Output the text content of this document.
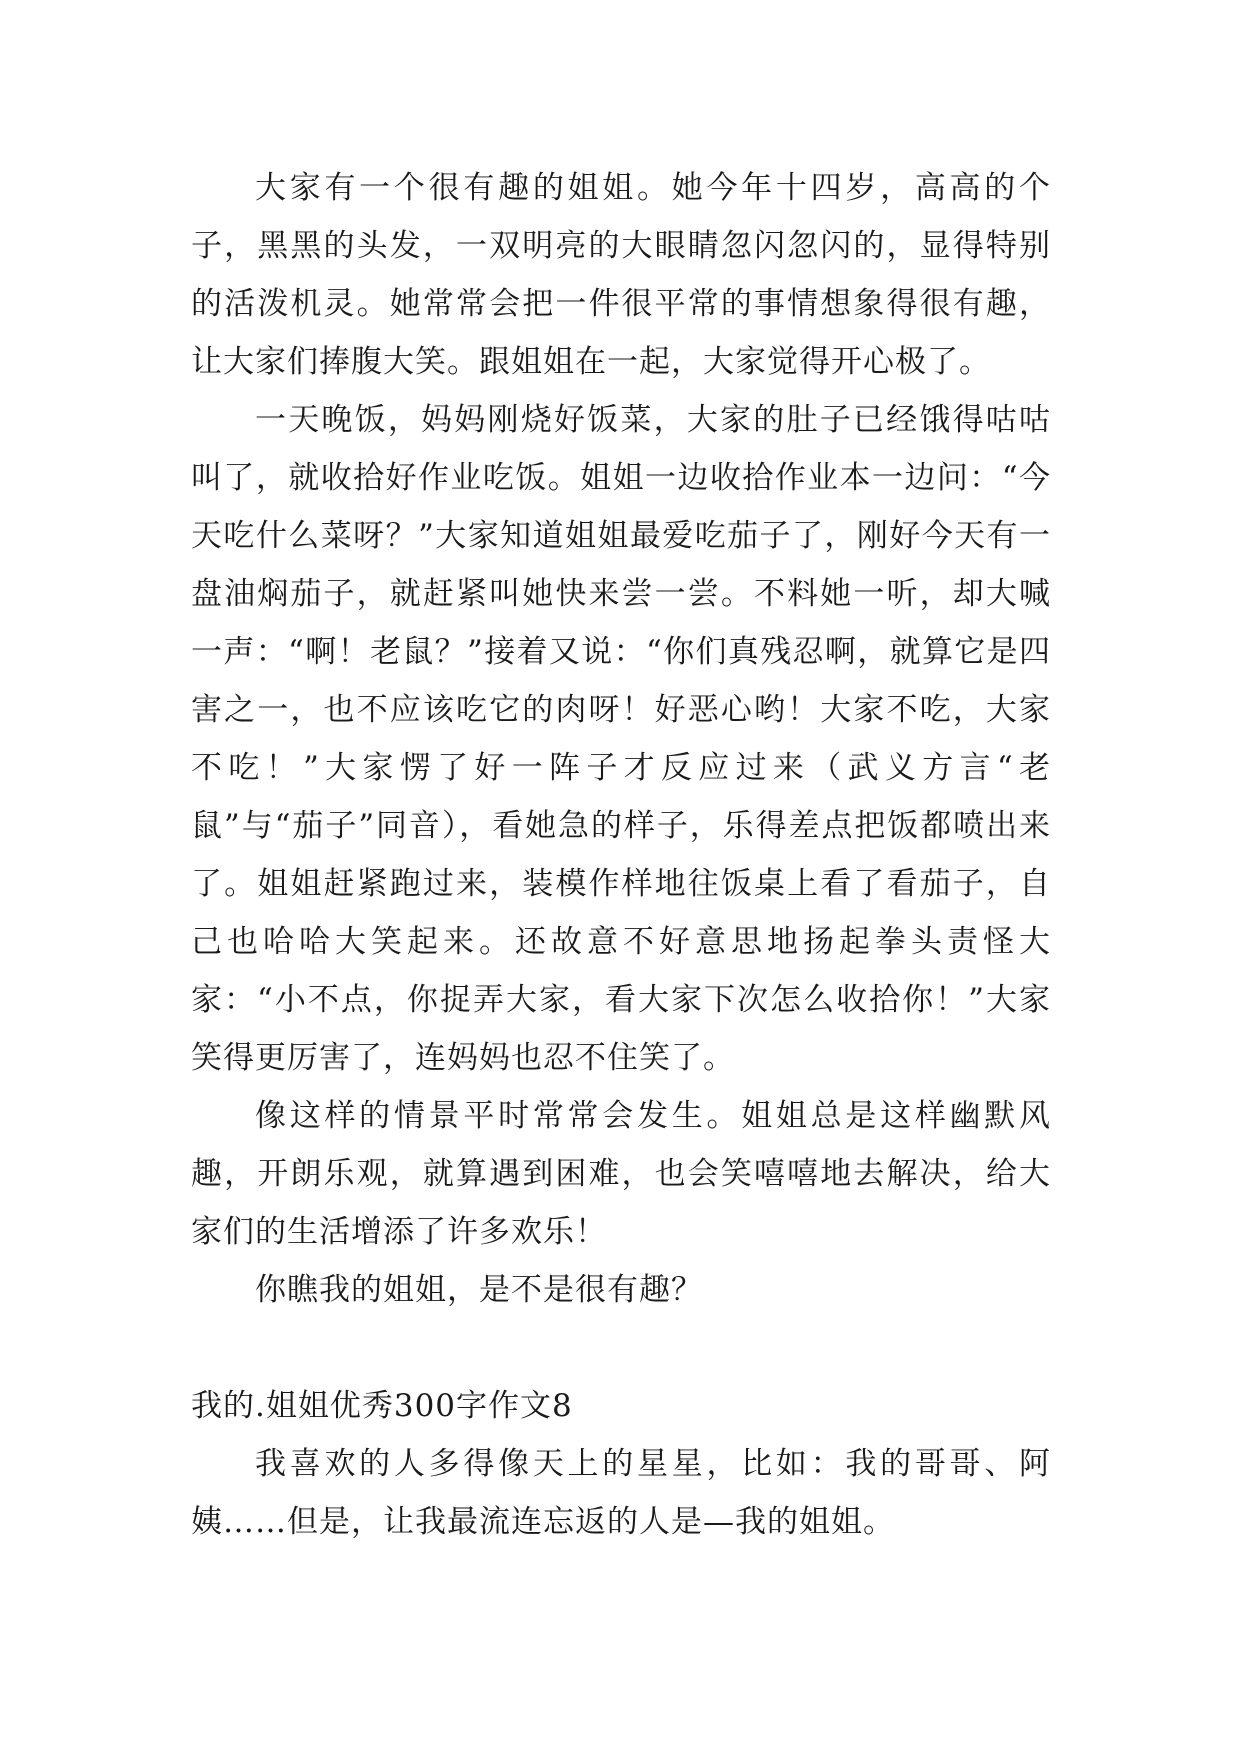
大家有一个很有趣的姐姐。她今年十四岁，高高的个子，黑黑的头发，一双明亮的大眼睛忽闪忽闪的，显得特别的活泼机灵。她常常会把一件很平常的事情想象得很有趣，让大家们捧腹大笑。跟姐姐在一起，大家觉得开心极了。

一天晚饭，妈妈刚烧好饭菜，大家的肚子已经饿得咕咕叫了，就收拾好作业吃饭。姐姐一边收拾作业本一边问：“今天吃什么菜呀？”大家知道姐姐最爱吃茄子了，刚好今天有一盘油焖茄子，就赶紧叫她快来尝一尝。不料她一听，却大喊一声：“啊！老鼠？”接着又说：“你们真残忍啊，就算它是四害之一，也不应该吃它的肉呀！好恶心哟！大家不吃，大家不吃！”大家愣了好一阵子才反应过来（武义方言“老鼠”与“茄子”同音），看她急的样子，乐得差点把饭都喷出来了。姐姐赶紧跑过来，装模作样地往饭桌上看了看茄子，自己也哈哈大笑起来。还故意不好意思地扬起拳头责怪大家：“小不点，你捉弄大家，看大家下次怎么收拾你！”大家笑得更厉害了，连妈妈也忍不住笑了。

像这样的情景平时常常会发生。姐姐总是这样幽默风趣，开朗乐观，就算遇到困难，也会笑嘻嘻地去解决，给大家们的生活增添了许多欢乐！

你瞧我的姐姐，是不是很有趣？

我的.姐姐优秀300字作文8

我喜欢的人多得像天上的星星，比如：我的哥哥、阿姨……但是，让我最流连忘返的人是—我的姐姐。
